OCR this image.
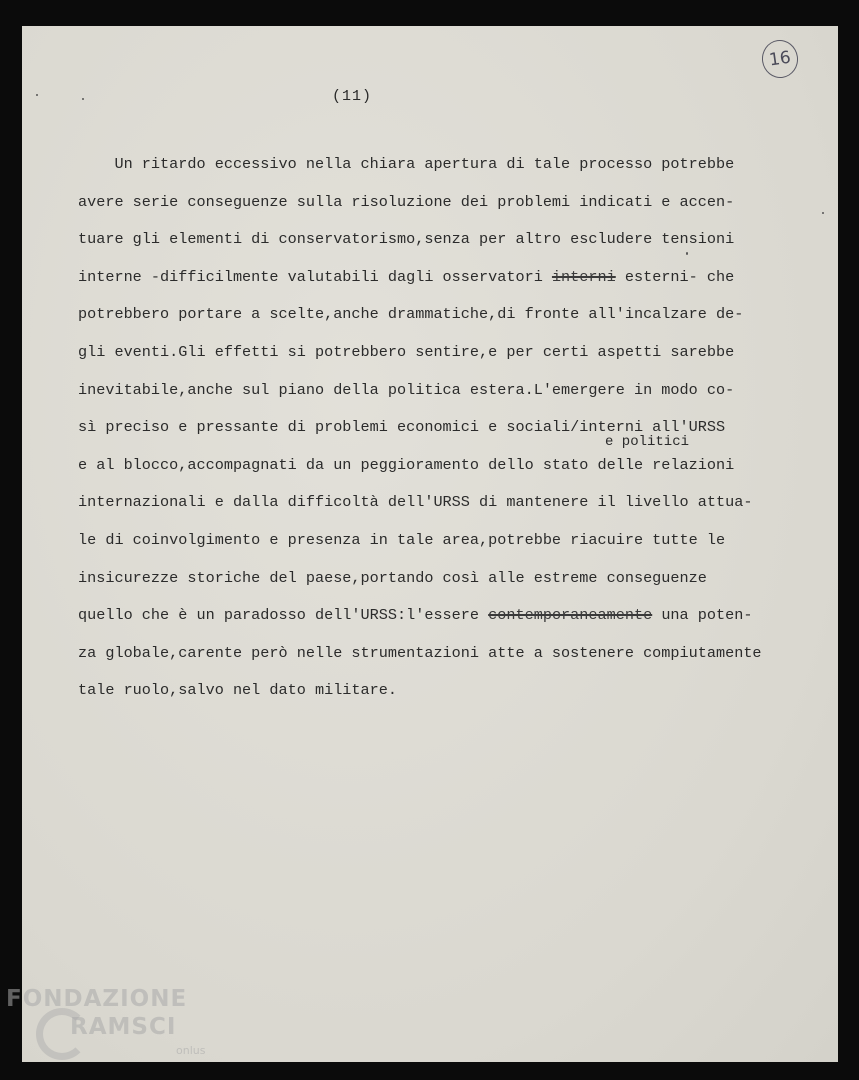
16
(11)
Un ritardo eccessivo nella chiara apertura di tale processo potrebbe
avere serie conseguenze sulla risoluzione dei problemi indicati e accen-
tuare gli elementi di conservatorismo,senza per altro escludere tensioni
interne -difficilmente valutabili dagli osservatori interni esterni- che
potrebbero portare a scelte,anche drammatiche,di fronte all'incalzare de-
gli eventi.Gli effetti si potrebbero sentire,e per certi aspetti sarebbe
inevitabile,anche sul piano della politica estera.L'emergere in modo co-
sì preciso e pressante di problemi economici e sociali/interni all'URSS
e al blocco,accompagnati da un peggioramento dello stato delle relazioni
internazionali e dalla difficoltà dell'URSS di mantenere il livello attua-
le di coinvolgimento e presenza in tale area,potrebbe riacuire tutte le
insicurezze storiche del paese,portando così alle estreme conseguenze
quello che è un paradosso dell'URSS:l'essere contemporaneamente una poten-
za globale,carente però nelle strumentazioni atte a sostenere compiutamente
tale ruolo,salvo nel dato militare.
e politici
FONDAZIONE
RAMSCI
onlus
